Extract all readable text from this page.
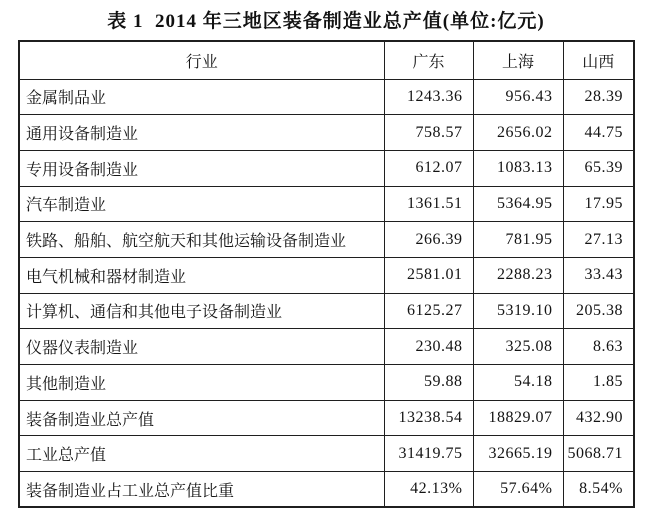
表 1  2014 年三地区装备制造业总产值(单位:亿元)
行业	广东	上海	山西
金属制品业	1243.36	956.43	28.39
通用设备制造业	758.57	2656.02	44.75
专用设备制造业	612.07	1083.13	65.39
汽车制造业	1361.51	5364.95	17.95
铁路、船舶、航空航天和其他运输设备制造业	266.39	781.95	27.13
电气机械和器材制造业	2581.01	2288.23	33.43
计算机、通信和其他电子设备制造业	6125.27	5319.10	205.38
仪器仪表制造业	230.48	325.08	8.63
其他制造业	59.88	54.18	1.85
装备制造业总产值	13238.54	18829.07	432.90
工业总产值	31419.75	32665.19	5068.71
装备制造业占工业总产值比重	42.13%	57.64%	8.54%
